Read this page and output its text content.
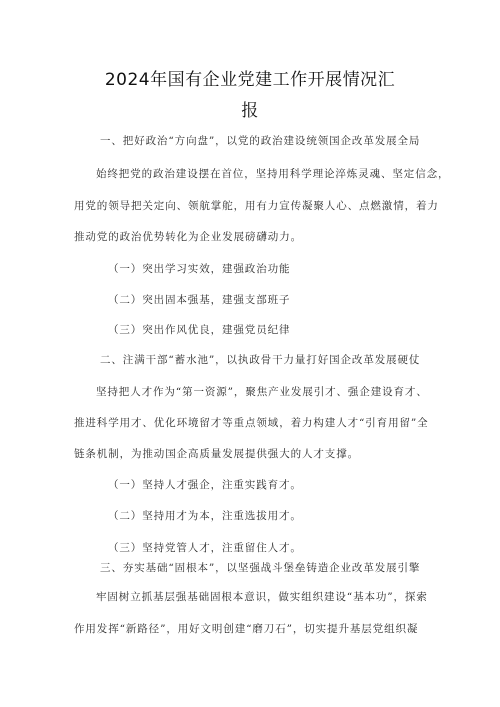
2024年国有企业党建工作开展情况汇
报
一、把好政治“方向盘”，以党的政治建设统领国企改革发展全局
始终把党的政治建设摆在首位，坚持用科学理论淬炼灵魂、坚定信念，
用党的领导把关定向、领航掌舵，用有力宣传凝聚人心、点燃激情，着力
推动党的政治优势转化为企业发展磅礴动力。
（一）突出学习实效，建强政治功能
（二）突出固本强基，建强支部班子
（三）突出作风优良，建强党员纪律
二、注满干部“蓄水池”，以执政骨干力量打好国企改革发展硬仗
坚持把人才作为“第一资源”，聚焦产业发展引才、强企建设育才、
推进科学用才、优化环境留才等重点领域，着力构建人才“引育用留”全
链条机制，为推动国企高质量发展提供强大的人才支撑。
（一）坚持人才强企，注重实践育才。
（二）坚持用才为本，注重选拔用才。
（三）坚持党管人才，注重留住人才。
三、夯实基础“固根本”，以坚强战斗堡垒铸造企业改革发展引擎
牢固树立抓基层强基础固根本意识，做实组织建设“基本功”，探索
作用发挥“新路径”，用好文明创建“磨刀石”，切实提升基层党组织凝
